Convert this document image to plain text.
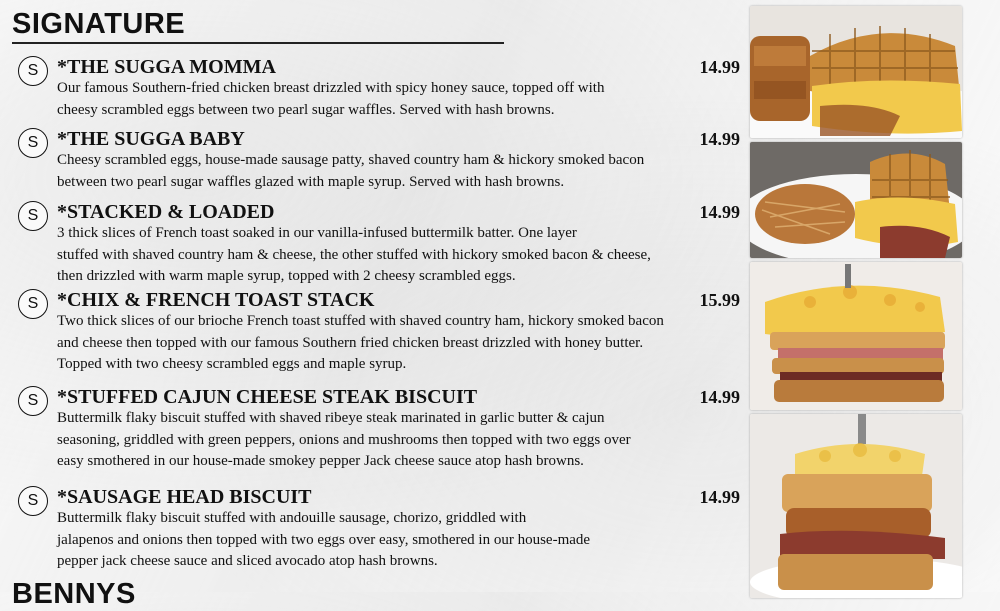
SIGNATURE
S *THE SUGGA MOMMA	14.99
Our famous Southern-fried chicken breast drizzled with spicy honey sauce, topped off with
cheesy scrambled eggs between two pearl sugar waffles. Served with hash browns.
S *THE SUGGA BABY	14.99
Cheesy scrambled eggs, house-made sausage patty, shaved country ham & hickory smoked bacon
between two pearl sugar waffles glazed with maple syrup. Served with hash browns.
S *STACKED & LOADED	14.99
3 thick slices of French toast soaked in our vanilla-infused buttermilk batter. One layer
stuffed with shaved country ham & cheese, the other stuffed with hickory smoked bacon & cheese,
then drizzled with warm maple syrup, topped with 2 cheesy scrambled eggs.
S *CHIX & FRENCH TOAST STACK	15.99
Two thick slices of our brioche French toast stuffed with shaved country ham, hickory smoked bacon
and cheese then topped with our famous Southern fried chicken breast drizzled with honey butter.
Topped with two cheesy scrambled eggs and maple syrup.
S *STUFFED CAJUN CHEESE STEAK BISCUIT	14.99
Buttermilk flaky biscuit stuffed with shaved ribeye steak marinated in garlic butter & cajun
seasoning, griddled with green peppers, onions and mushrooms then topped with two eggs over
easy smothered in our house-made smokey pepper Jack cheese sauce atop hash browns.
S *SAUSAGE HEAD BISCUIT	14.99
Buttermilk flaky biscuit stuffed with andouille sausage, chorizo, griddled with
jalapenos and onions then topped with two eggs over easy, smothered in our house-made
pepper jack cheese sauce and sliced avocado atop hash browns.
BENNYS
